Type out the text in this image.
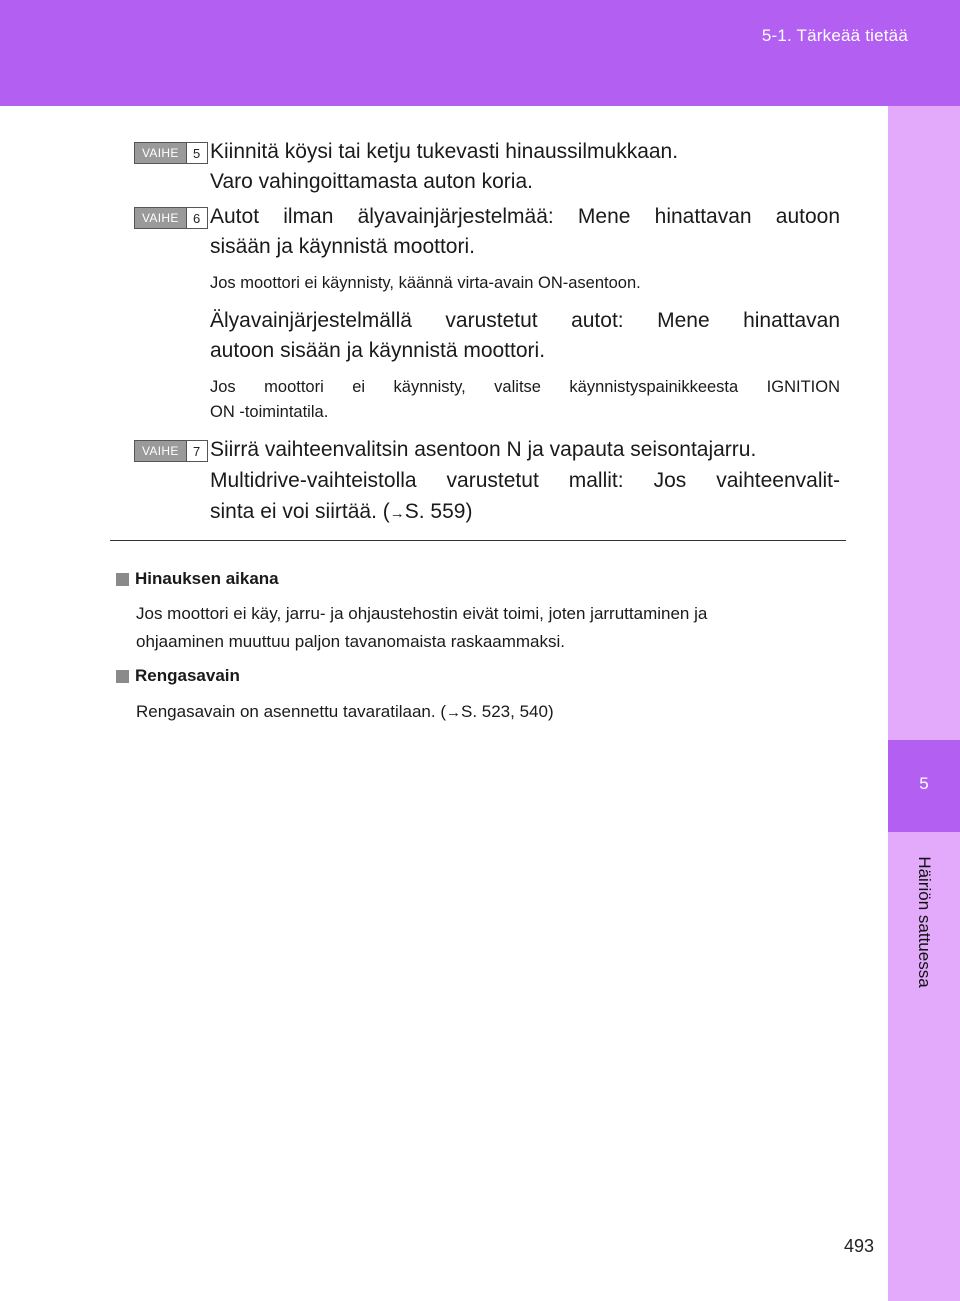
5-1. Tärkeää tietää
5
Häiriön sattuessa
VAIHE	5 Kiinnitä köysi tai ketju tukevasti hinaussilmukkaan.
Varo vahingoittamasta auton koria.
VAIHE	6 Autot ilman älyavainjärjestelmää: Mene hinattavan autoon
sisään ja käynnistä moottori.
Jos moottori ei käynnisty, käännä virta-avain ON-asentoon.
Älyavainjärjestelmällä varustetut autot: Mene hinattavan
autoon sisään ja käynnistä moottori.
Jos moottori ei käynnisty, valitse käynnistyspainikkeesta IGNITION
ON -toimintatila.
VAIHE	7 Siirrä vaihteenvalitsin asentoon N ja vapauta seisontajarru.
Multidrive-vaihteistolla varustetut mallit: Jos vaihteenvalit-
sinta ei voi siirtää. (→S. 559)
Hinauksen aikana
Jos moottori ei käy, jarru- ja ohjaustehostin eivät toimi, joten jarruttaminen ja
ohjaaminen muuttuu paljon tavanomaista raskaammaksi.
Rengasavain
Rengasavain on asennettu tavaratilaan. (→S. 523, 540)
493
